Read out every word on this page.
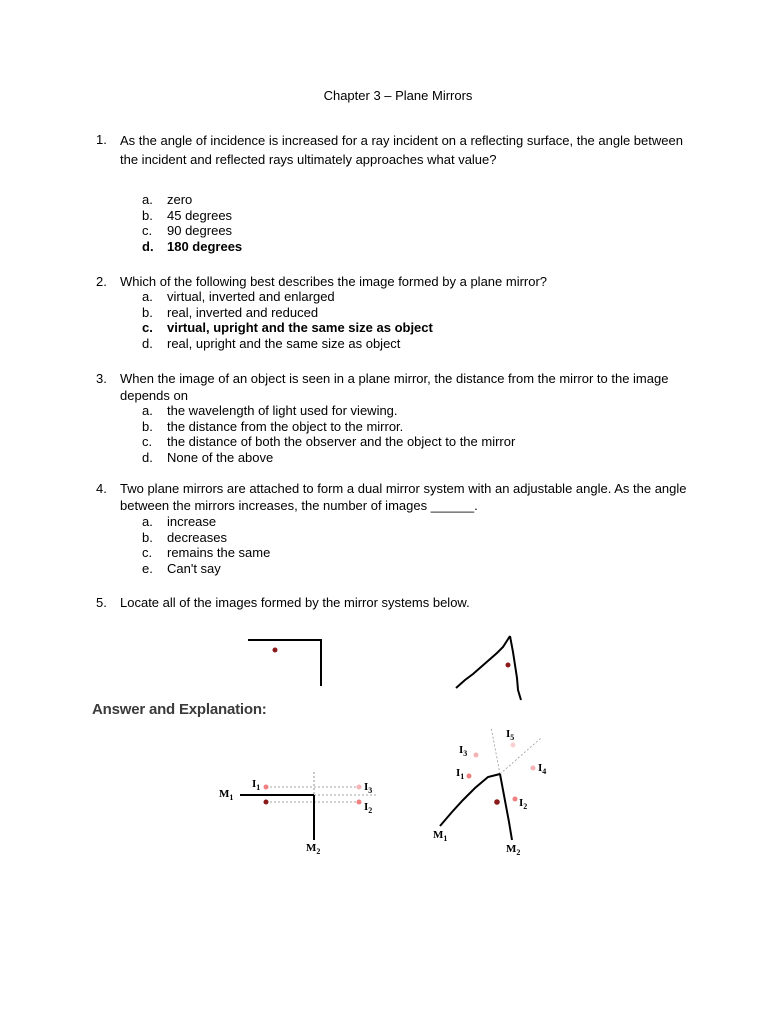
Chapter 3 – Plane Mirrors
1.	As the angle of incidence is increased for a ray incident on a reflecting surface, the angle between the incident and reflected rays ultimately approaches what value?
a. zero
b. 45 degrees
c. 90 degrees
d. 180 degrees
2.	Which of the following best describes the image formed by a plane mirror?
a. virtual, inverted and enlarged
b. real, inverted and reduced
c. virtual, upright and the same size as object
d. real, upright and the same size as object
3.	When the image of an object is seen in a plane mirror, the distance from the mirror to the image depends on
a. the wavelength of light used for viewing.
b. the distance from the object to the mirror.
c. the distance of both the observer and the object to the mirror
d. None of the above
4.	Two plane mirrors are attached to form a dual mirror system with an adjustable angle. As the angle between the mirrors increases, the number of images ______.
a. increase
b. decreases
c. remains the same
e. Can't say
5.	Locate all of the images formed by the mirror systems below.
Answer and Explanation:
$M_1$
$I_1$	$I_3$
$I_2$
$M_2$
$M_1$
$M_2$
$I_2$
$I_1$
$I_3$
$I_5$
$I_4$
